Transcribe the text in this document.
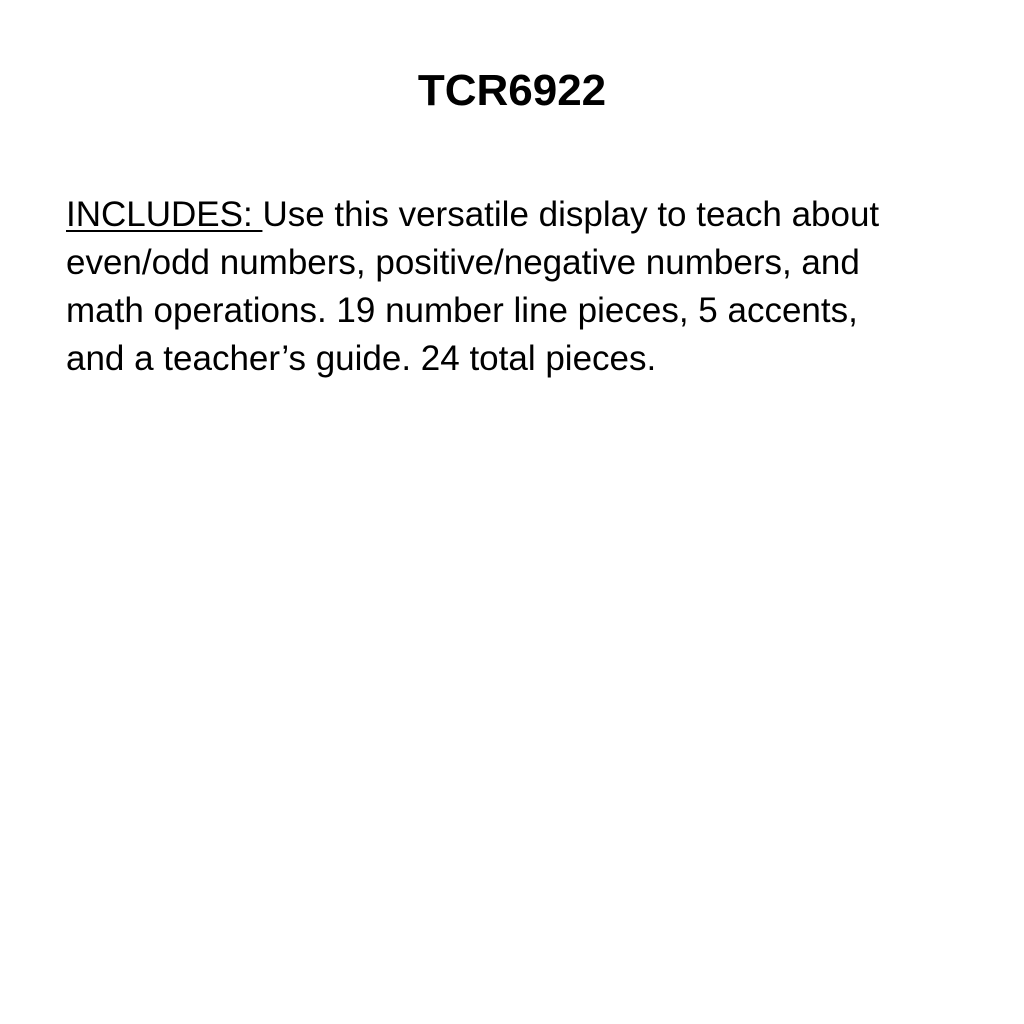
TCR6922

INCLUDES: Use this versatile display to teach about
even/odd numbers, positive/negative numbers, and
math operations. 19 number line pieces, 5 accents,
and a teacher’s guide. 24 total pieces.
